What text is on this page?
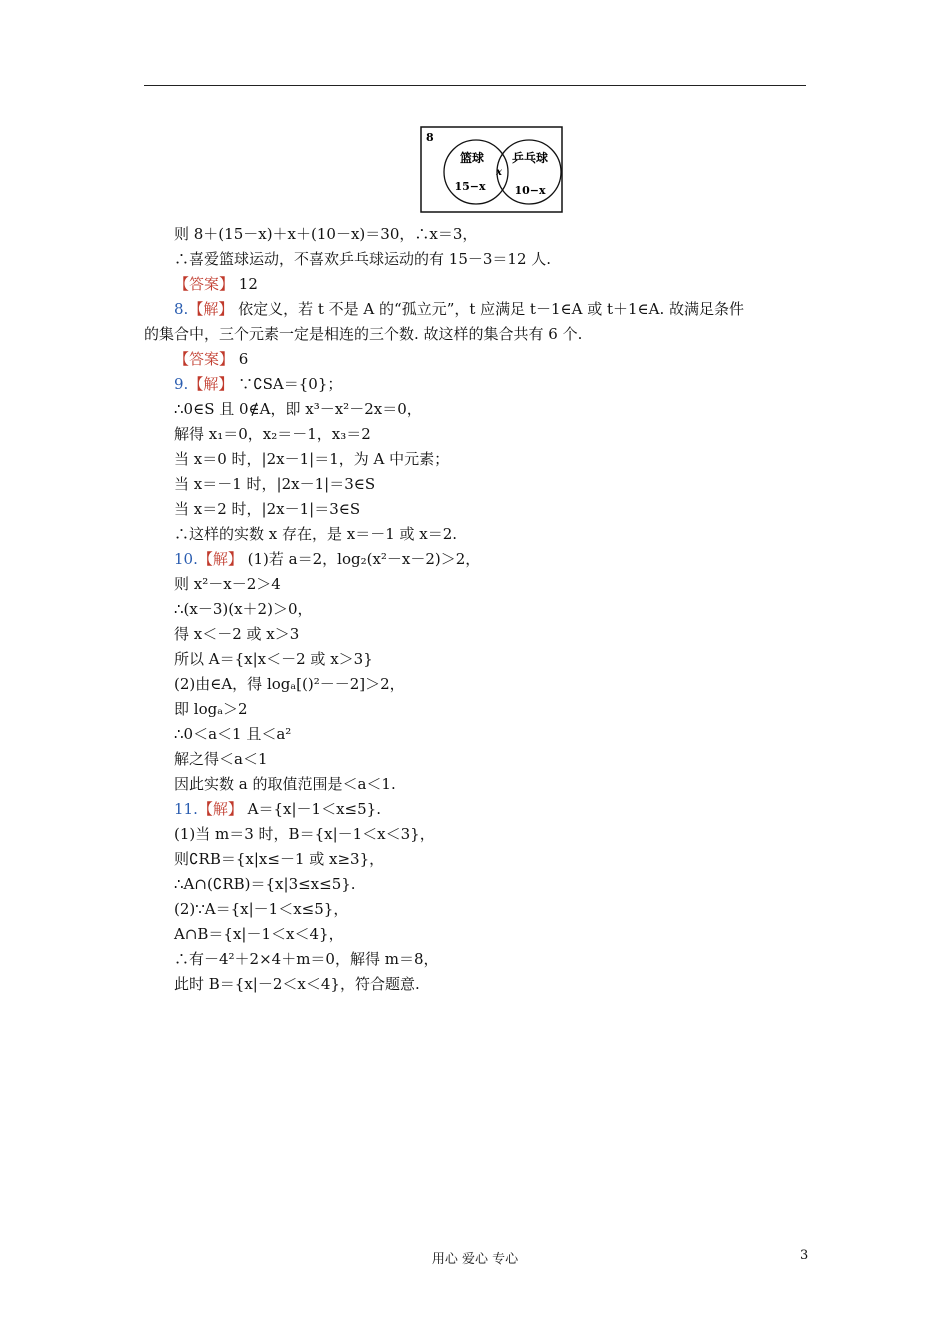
8
篮球
15−x
乒乓球
10−x
x
则 8＋(15－x)＋x＋(10－x)＝30，∴x＝3，
∴喜爱篮球运动，不喜欢乒乓球运动的有 15－3＝12 人.
【答案】 12
8.【解】 依定义，若 t 不是 A 的“孤立元”，t 应满足 t－1∈A 或 t＋1∈A. 故满足条件
的集合中，三个元素一定是相连的三个数. 故这样的集合共有 6 个.
【答案】 6
9.【解】 ∵∁SA＝{0}；
∴0∈S 且 0∉A，即 x³－x²－2x＝0，
解得 x₁＝0，x₂＝－1，x₃＝2
当 x＝0 时，|2x－1|＝1，为 A 中元素；
当 x＝－1 时，|2x－1|＝3∈S
当 x＝2 时，|2x－1|＝3∈S
∴这样的实数 x 存在，是 x＝－1 或 x＝2.
10.【解】 (1)若 a＝2，log₂(x²－x－2)＞2，
则 x²－x－2＞4
∴(x－3)(x＋2)＞0，
得 x＜－2 或 x＞3
所以 A＝{x|x＜－2 或 x＞3}
(2)由∈A，得 logₐ[()²－－2]＞2，
即 logₐ＞2
∴0＜a＜1 且＜a²
解之得＜a＜1
因此实数 a 的取值范围是＜a＜1.
11.【解】 A＝{x|－1＜x≤5}.
(1)当 m＝3 时，B＝{x|－1＜x＜3}，
则∁RB＝{x|x≤－1 或 x≥3}，
∴A∩(∁RB)＝{x|3≤x≤5}.
(2)∵A＝{x|－1＜x≤5}，
A∩B＝{x|－1＜x＜4}，
∴有－4²＋2×4＋m＝0，解得 m＝8，
此时 B＝{x|－2＜x＜4}，符合题意.
用心 爱心 专心	3
